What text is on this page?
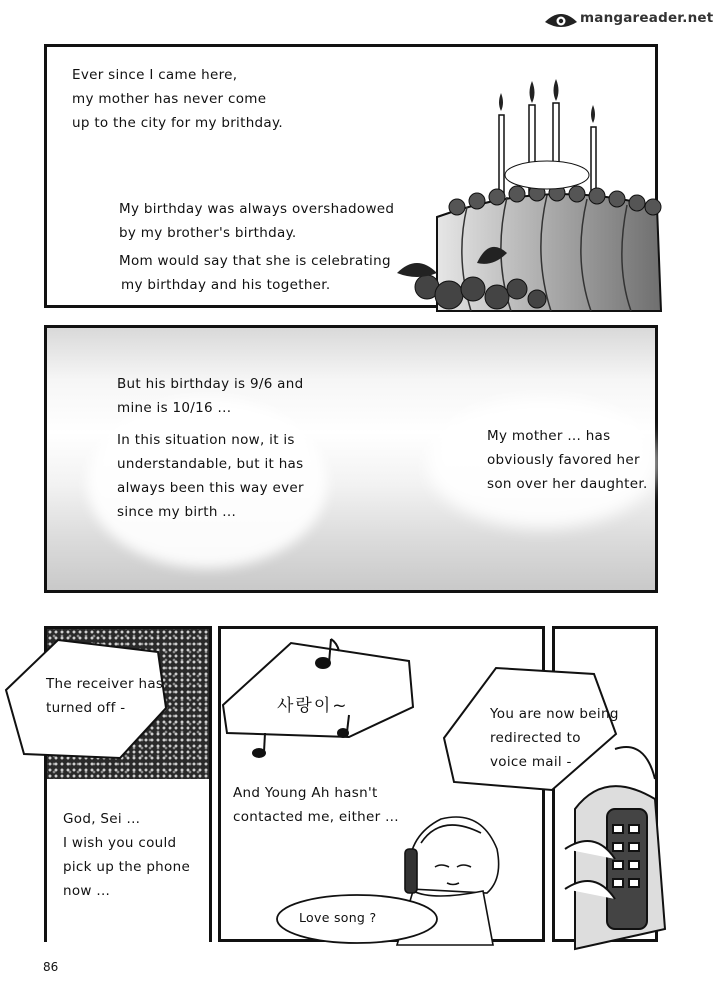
mangareader.net
Ever since I came here,
my mother has never come
up to the city for my brithday.
My birthday was always overshadowed
by my brother's birthday.
Mom would say that she is celebrating
my birthday and his together.
But his birthday is 9/6 and
mine is 10/16 ...
In this situation now, it is
understandable, but it has
always been this way ever
since my birth ...
My mother ... has
obviously favored her
son over her daughter.
God, Sei ...
I wish you could
pick up the phone
now ...
The receiver has
turned off -	사랑이~
And Young Ah hasn't
contacted me, either ...
Love song ?
You are now being
redirected to
voice mail -
86
